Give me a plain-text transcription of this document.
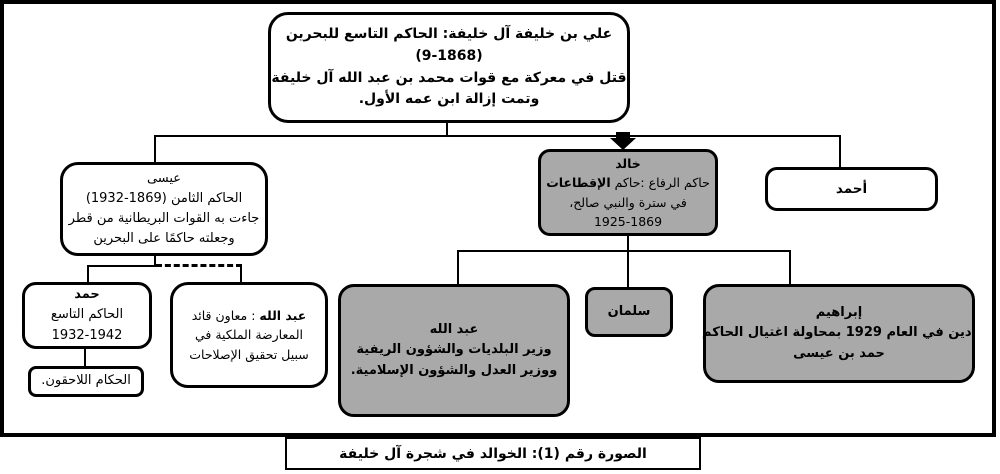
علي بن خليفة آل خليفة: الحاكم التاسع للبحرين
(9-1868)
قتل في معركة مع قوات محمد بن عبد الله آل خليفة
وتمت إزالة ابن عمه الأول.
عيسى
الحاكم الثامن (1932-1869)
جاءت به القوات البريطانية من قطر
وجعلته حاكمًا على البحرين
خالد
حاكم الرفاع :حاكم الإقطاعات
في سترة والنبي صالح،
1925-1869
أحمد
حمد
الحاكم التاسع
1932-1942
الحكام اللاحقون.
عبد الله : معاون قائد المعارضة الملكية في سبيل تحقيق الإصلاحات
عبد الله
وزير البلديات والشؤون الريفية
ووزير العدل والشؤون الإسلامية.
سلمان	إبراهيم
أدين في العام 1929 بمحاولة اغتيال الحاكم
حمد بن عيسى
الصورة رقم (1): الخوالد في شجرة آل خليفة
